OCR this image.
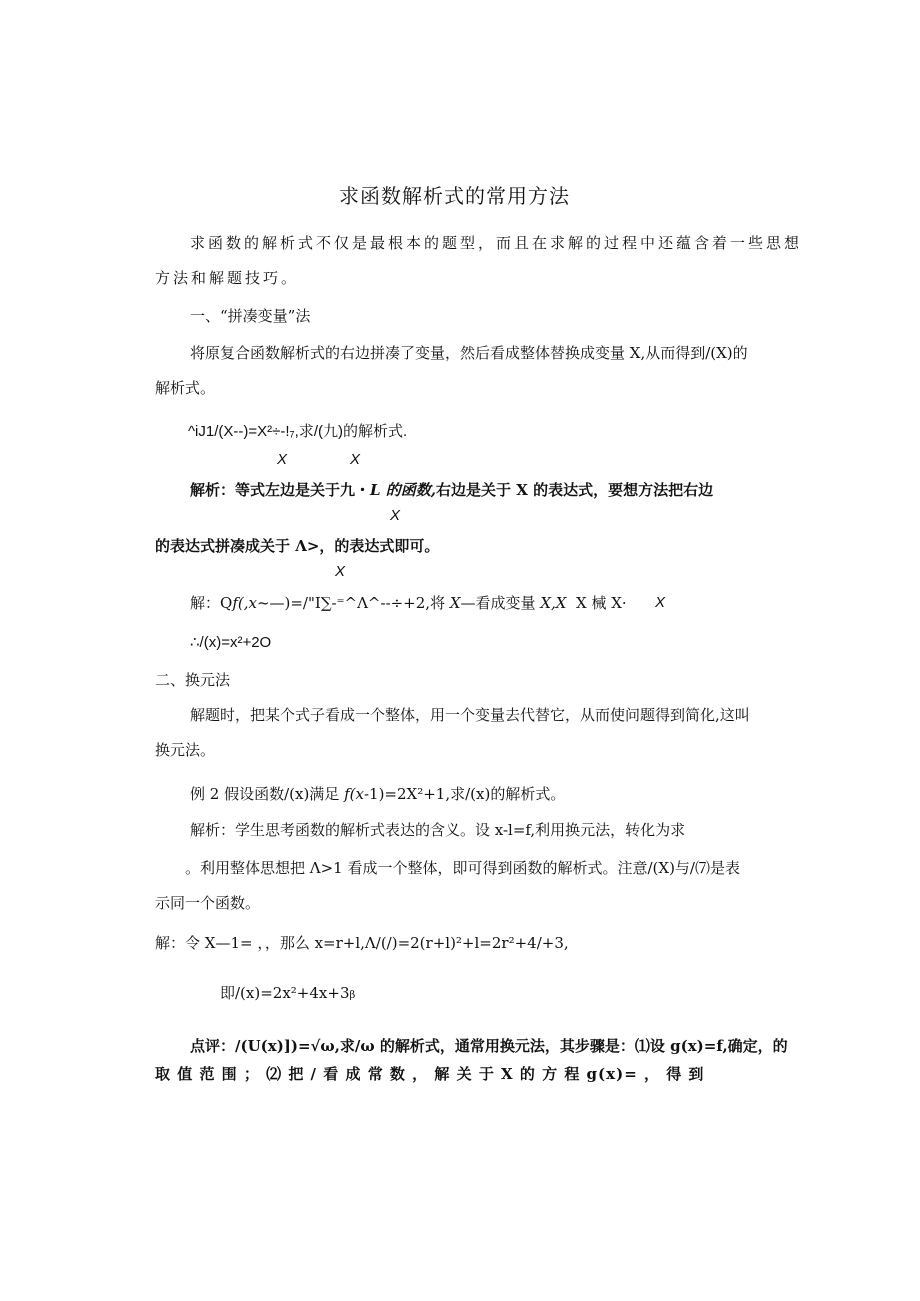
求函数解析式的常用方法
求函数的解析式不仅是最根本的题型，而且在求解的过程中还蕴含着一些思想
方法和解题技巧。
一、“拼凑变量”法
将原复合函数解析式的右边拼凑了变量，然后看成整体替换成变量 X,从而得到/(X)的
解析式。
^iJ1/(X--)=X²÷-!₇,求/(九)的解析式.
X	X
解析：等式左边是关于九・L 的函数,右边是关于 X 的表达式，要想方法把右边
X
的表达式拼凑成关于 Λ>，的表达式即可。
X
解：Qf(,x~—)=/"I∑-⁼^Λ^--÷+2,将 X—看成变量 X,X X 械 X· X
∴/(x)=x²+2O
二、换元法
解题时，把某个式子看成一个整体，用一个变量去代替它，从而使问题得到简化,这叫
换元法。
例 2 假设函数/(x)满足 f(x-1)=2X²+1,求/(x)的解析式。
解析：学生思考函数的解析式表达的含义。设 x-l=f,利用换元法，转化为求
。利用整体思想把 Λ>1 看成一个整体，即可得到函数的解析式。注意/(X)与/⑺是表
示同一个函数。
解：令 X—1= ，，那么 x=r+l,Λ/(/)=2(r+l)²+l=2r²+4/+3,
即/(x)=2x²+4x+3β
点评：/(U(x)])=√ω,求/ω 的解析式，通常用换元法，其步骤是：⑴设 g(x)=f,确定，的
取 值 范 围 ； ⑵ 把 / 看 成 常 数 ， 解 关 于 X 的 方 程 g(x)= ， 得 到
